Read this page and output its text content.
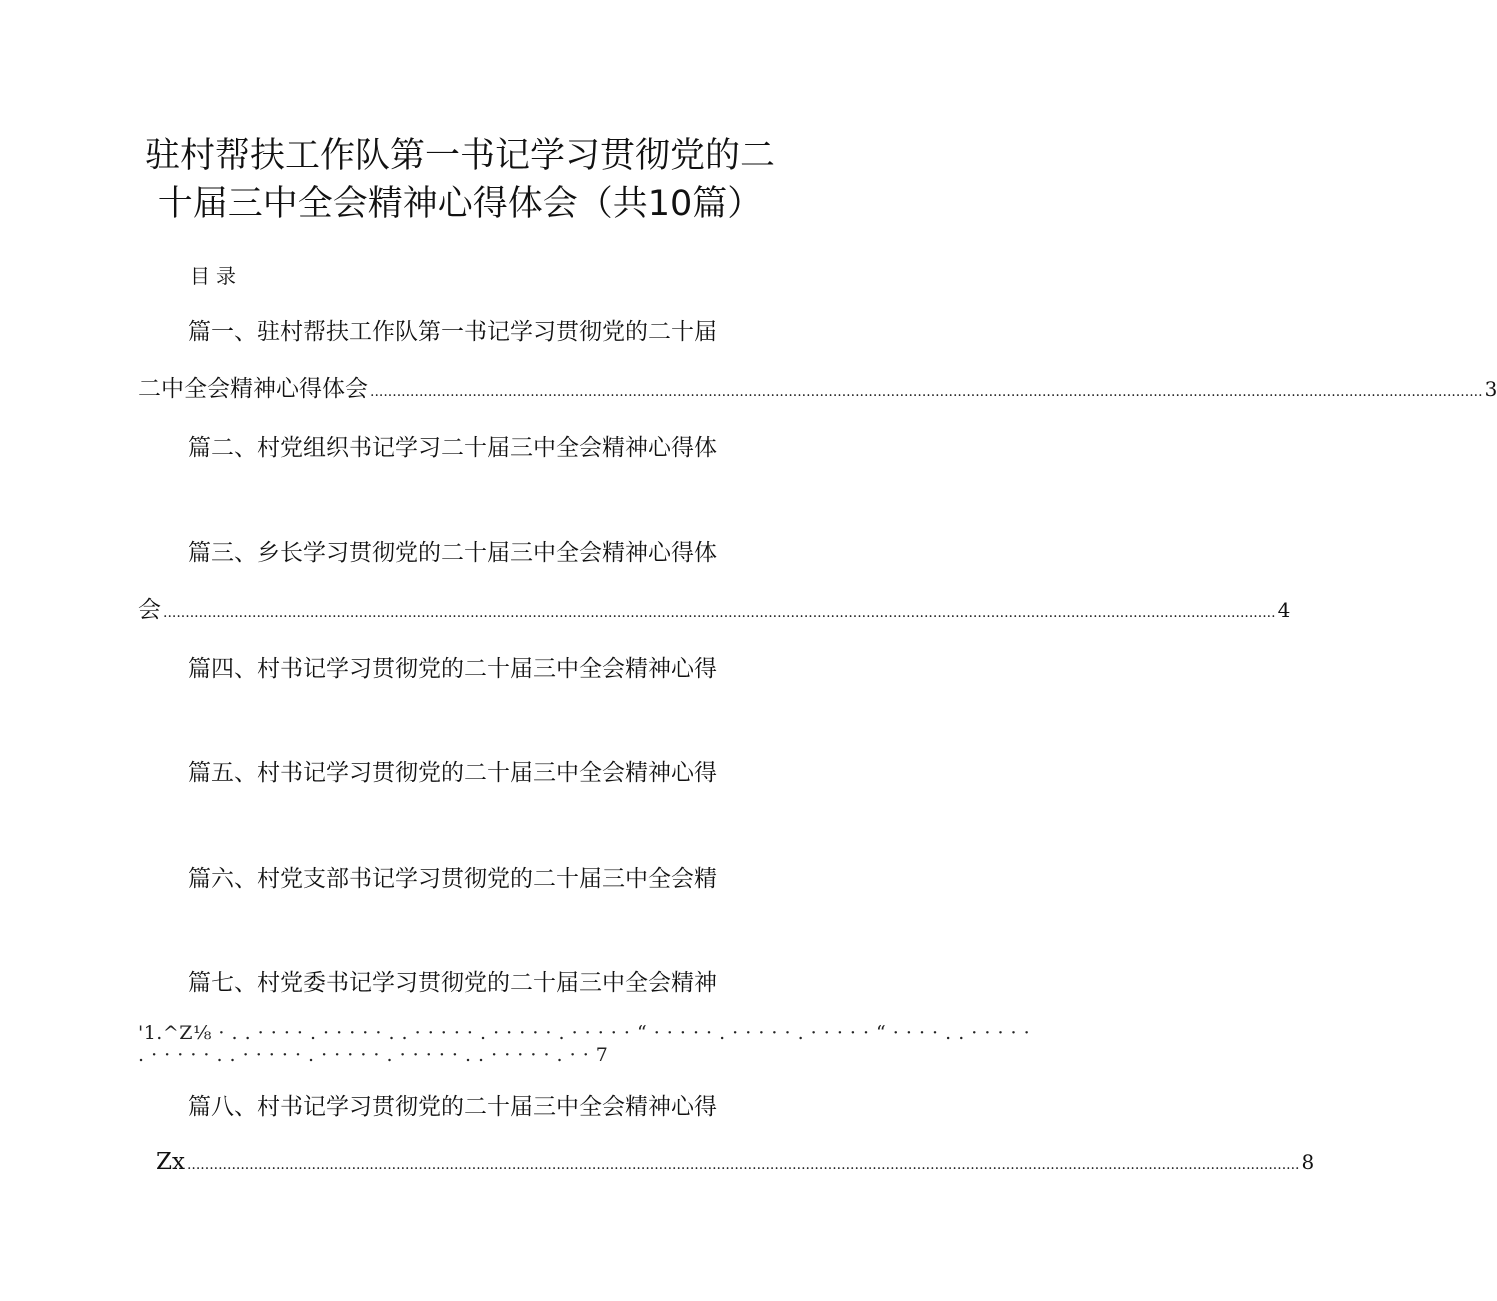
驻村帮扶工作队第一书记学习贯彻党的二
十届三中全会精神心得体会（共10篇）
目录
篇一、驻村帮扶工作队第一书记学习贯彻党的二十届
二中全会精神心得体会 .....	3
篇二、村党组织书记学习二十届三中全会精神心得体
篇三、乡长学习贯彻党的二十届三中全会精神心得体
会 .....	4
篇四、村书记学习贯彻党的二十届三中全会精神心得
篇五、村书记学习贯彻党的二十届三中全会精神心得
篇六、村党支部书记学习贯彻党的二十届三中全会精
篇七、村党委书记学习贯彻党的二十届三中全会精神
'1.^Z⅛ · . . · · · · . · · · · · . . · · · · · . · · · · · . · · · · · “ · · · · · . · · · · · . · · · · · “ · · · · . . · · · · ·
. · · · · · . . · · · · · . · · · · · . · · · · · . . · · · · · . · · 7
篇八、村书记学习贯彻党的二十届三中全会精神心得
Zx .....	8
